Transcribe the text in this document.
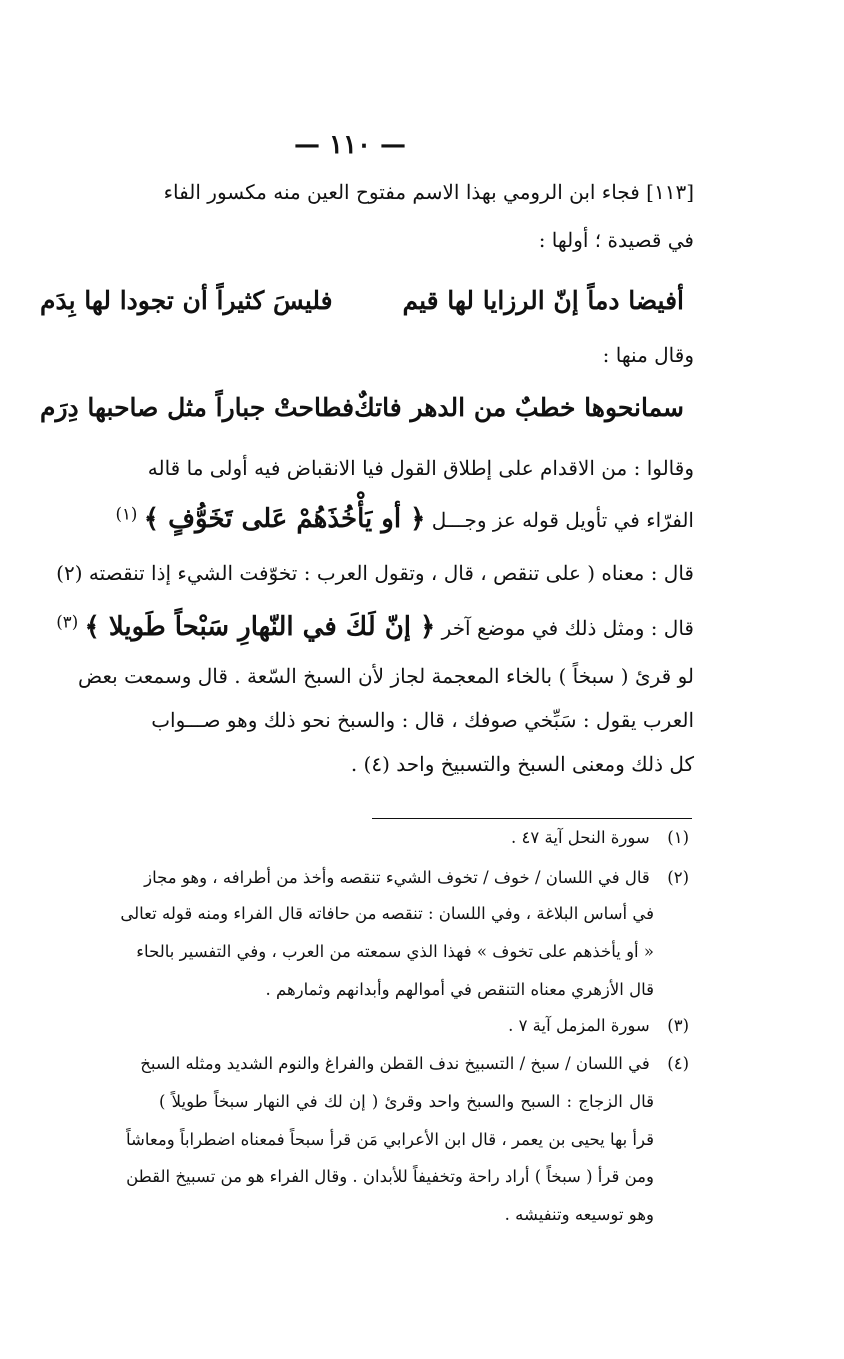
— ١١٠ —
[١١٣] فجاء ابن الرومي بهذا الاسم مفتوح العين منه مكسور الفاء
في قصيدة ؛ أولها :
أفيضا دماً إنّ الرزايا لها قيم
فليسَ كثيراً أن تجودا لها بِدَم
وقال منها :
سمانحوها خطبٌ من الدهر فاتكٌ
فطاحتْ جباراً مثل صاحبها دِرَم
وقالوا : من الاقدام على إطلاق القول فيا الانقباض فيه أولى ما قاله
الفرّاء في تأويل قوله عز وجـــل ﴿ أو يَأْخُذَهُمْ عَلى تَخَوُّفٍ ﴾ $^{(١)}$
قال : معناه ( على تنقص ، قال ، وتقول العرب : تخوّفت الشيء إذا تنقصته (٢)
قال : ومثل ذلك في موضع آخر ﴿ إنّ لَكَ في النّهارِ سَبْحاً طَويلا ﴾ $^{(٣)}$
لو قرئ ( سبخاً ) بالخاء المعجمة لجاز لأن السبخ السّعة . قال وسمعت بعض
العرب يقول : سَبِّخي صوفك ، قال : والسبخ نحو ذلك وهو صـــواب
كل ذلك ومعنى السبخ والتسبيخ واحد (٤) .
(١) سورة النحل آية ٤٧ .
(٢) قال في اللسان / خوف / تخوف الشيء تنقصه وأخذ من أطرافه ، وهو مجاز
في أساس البلاغة ، وفي اللسان : تنقصه من حافاته قال الفراء ومنه قوله تعالى
« أو يأخذهم على تخوف » فهذا الذي سمعته من العرب ، وفي التفسير بالحاء
قال الأزهري معناه التنقص في أموالهم وأبدانهم وثمارهم .
(٣) سورة المزمل آية ٧ .
(٤) في اللسان / سبخ / التسبيخ ندف القطن والفراغ والنوم الشديد ومثله السبخ
قال الزجاج : السبح والسبخ واحد وقرئ ( إن لك في النهار سبخاً طويلاً )
قرأ بها يحيى بن يعمر ، قال ابن الأعرابي مَن قرأ سبحاً فمعناه اضطراباً ومعاشاً
ومن قرأ ( سبخاً ) أراد راحة وتخفيفاً للأبدان . وقال الفراء هو من تسبيخ القطن
وهو توسيعه وتنفيشه .
